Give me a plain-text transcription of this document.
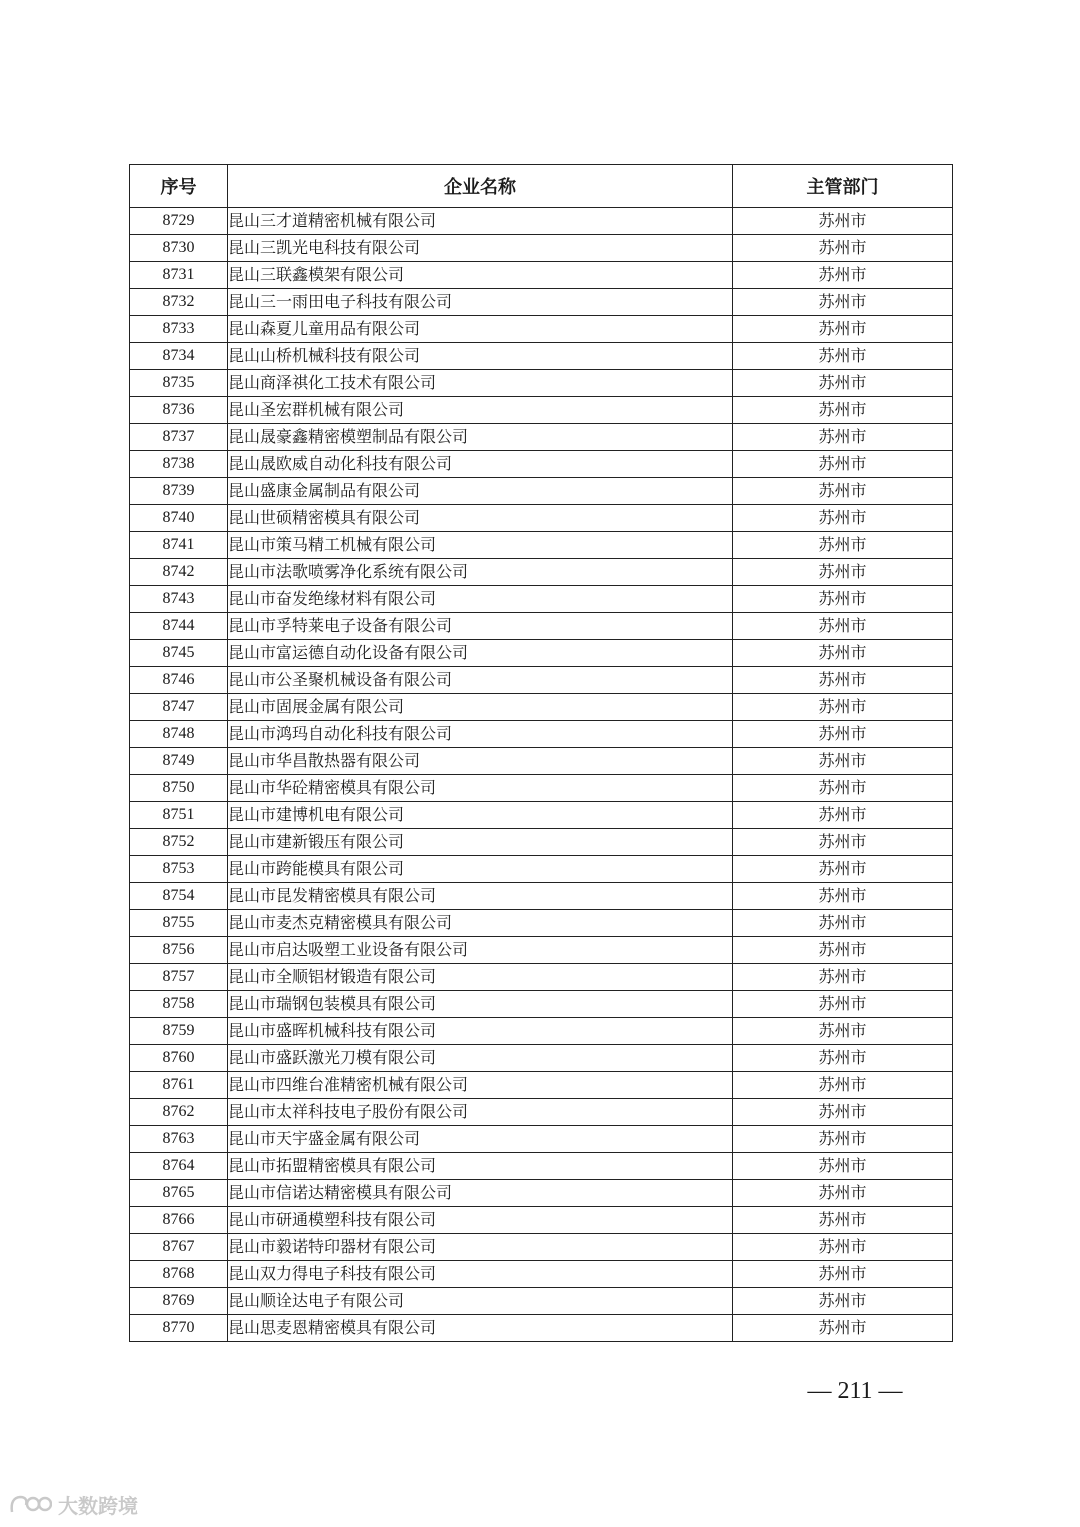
序号	企业名称	主管部门
8729	昆山三才道精密机械有限公司	苏州市
8730	昆山三凯光电科技有限公司	苏州市
8731	昆山三联鑫模架有限公司	苏州市
8732	昆山三一雨田电子科技有限公司	苏州市
8733	昆山森夏儿童用品有限公司	苏州市
8734	昆山山桥机械科技有限公司	苏州市
8735	昆山商泽祺化工技术有限公司	苏州市
8736	昆山圣宏群机械有限公司	苏州市
8737	昆山晟豪鑫精密模塑制品有限公司	苏州市
8738	昆山晟欧威自动化科技有限公司	苏州市
8739	昆山盛康金属制品有限公司	苏州市
8740	昆山世硕精密模具有限公司	苏州市
8741	昆山市策马精工机械有限公司	苏州市
8742	昆山市法歌喷雾净化系统有限公司	苏州市
8743	昆山市奋发绝缘材料有限公司	苏州市
8744	昆山市孚特莱电子设备有限公司	苏州市
8745	昆山市富运德自动化设备有限公司	苏州市
8746	昆山市公圣聚机械设备有限公司	苏州市
8747	昆山市固展金属有限公司	苏州市
8748	昆山市鸿玛自动化科技有限公司	苏州市
8749	昆山市华昌散热器有限公司	苏州市
8750	昆山市华砼精密模具有限公司	苏州市
8751	昆山市建博机电有限公司	苏州市
8752	昆山市建新锻压有限公司	苏州市
8753	昆山市跨能模具有限公司	苏州市
8754	昆山市昆发精密模具有限公司	苏州市
8755	昆山市麦杰克精密模具有限公司	苏州市
8756	昆山市启达吸塑工业设备有限公司	苏州市
8757	昆山市全顺铝材锻造有限公司	苏州市
8758	昆山市瑞钢包装模具有限公司	苏州市
8759	昆山市盛晖机械科技有限公司	苏州市
8760	昆山市盛跃激光刀模有限公司	苏州市
8761	昆山市四维台准精密机械有限公司	苏州市
8762	昆山市太祥科技电子股份有限公司	苏州市
8763	昆山市天宇盛金属有限公司	苏州市
8764	昆山市拓盟精密模具有限公司	苏州市
8765	昆山市信诺达精密模具有限公司	苏州市
8766	昆山市研通模塑科技有限公司	苏州市
8767	昆山市毅诺特印器材有限公司	苏州市
8768	昆山双力得电子科技有限公司	苏州市
8769	昆山顺诠达电子有限公司	苏州市
8770	昆山思麦恩精密模具有限公司	苏州市
— 211 —
大数跨境
